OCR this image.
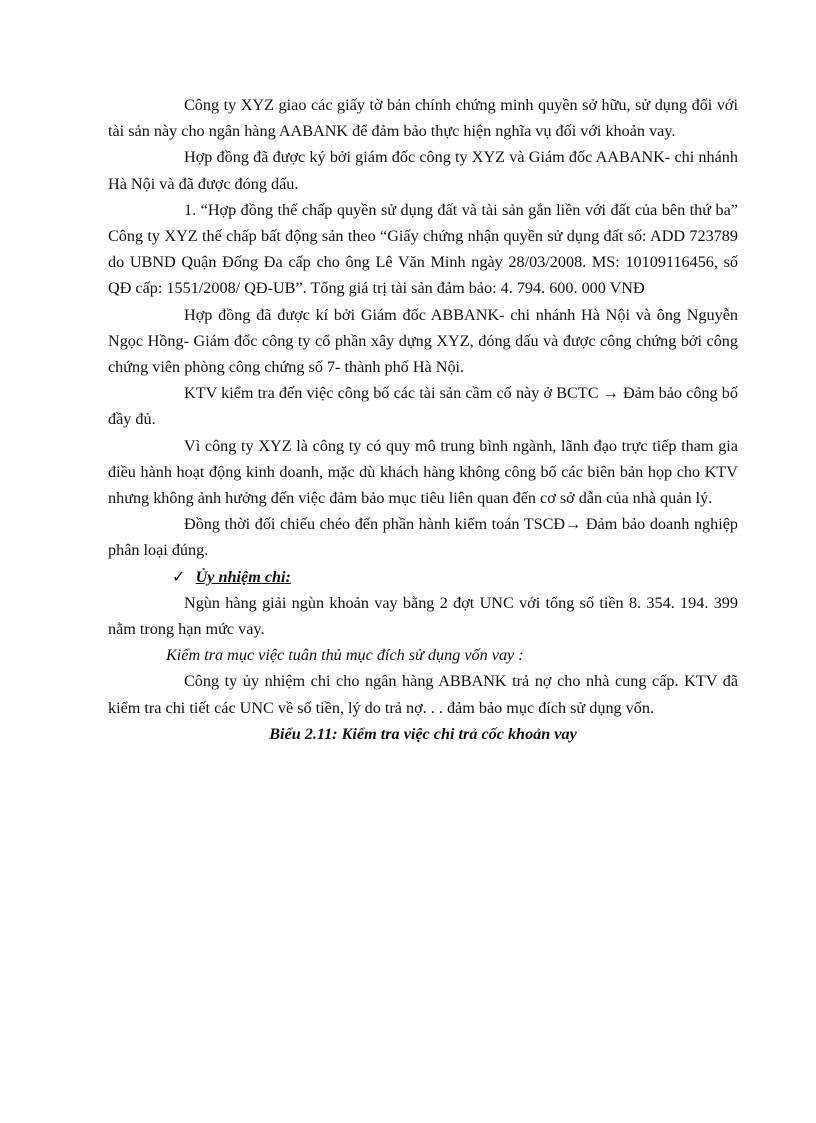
Công ty XYZ giao các giấy tờ bản chính chứng minh quyền sở hữu, sử dụng đối với tài sản này cho ngân hàng AABANK để đảm bảo thực hiện nghĩa vụ đối với khoản vay.

Hợp đồng đã được ký bởi giám đốc công ty XYZ và Giám đốc AABANK- chi nhánh Hà Nội và đã được đóng dấu.

1. “Hợp đồng thế chấp quyền sử dụng đất và tài sản gắn liền với đất của bên thứ ba” Công ty XYZ thế chấp bất động sản theo “Giấy chứng nhận quyền sử dụng đất số: ADD 723789 do UBND Quận Đống Đa cấp cho ông Lê Văn Minh ngày 28/03/2008. MS: 10109116456, số QĐ cấp: 1551/2008/ QĐ-UB”. Tổng giá trị tài sản đảm bảo: 4. 794. 600. 000 VNĐ

Hợp đồng đã được kí bởi Giám đốc ABBANK- chi nhánh Hà Nội và ông Nguyễn Ngọc Hồng- Giám đốc công ty cổ phần xây dựng XYZ, đóng dấu và được công chứng bởi công chứng viên phòng công chứng số 7- thành phố Hà Nội.

KTV kiểm tra đến việc công bố các tài sản cầm cố này ở BCTC → Đảm bảo công bố đầy đủ.

Vì công ty XYZ là công ty có quy mô trung bình ngành, lãnh đạo trực tiếp tham gia điều hành hoạt động kinh doanh, mặc dù khách hàng không công bố các biên bản họp cho KTV nhưng không ảnh hưởng đến việc đảm bảo mục tiêu liên quan đến cơ sở dẫn của nhà quản lý.

Đồng thời đối chiếu chéo đến phần hành kiểm toán TSCĐ→ Đảm bảo doanh nghiệp phân loại đúng.

✓ Ủy nhiệm chi:

Ngùn hàng giải ngùn khoản vay bằng 2 đợt UNC với tổng số tiền 8. 354. 194. 399 nằm trong hạn mức vay.

Kiểm tra mục việc tuân thủ mục đích sử dụng vốn vay :

Công ty ủy nhiệm chi cho ngân hàng ABBANK trả nợ cho nhà cung cấp. KTV đã kiểm tra chi tiết các UNC về số tiền, lý do trả nợ. . . đảm bảo mục đích sử dụng vốn.

Biểu 2.11: Kiểm tra việc chi trả cốc khoản vay
